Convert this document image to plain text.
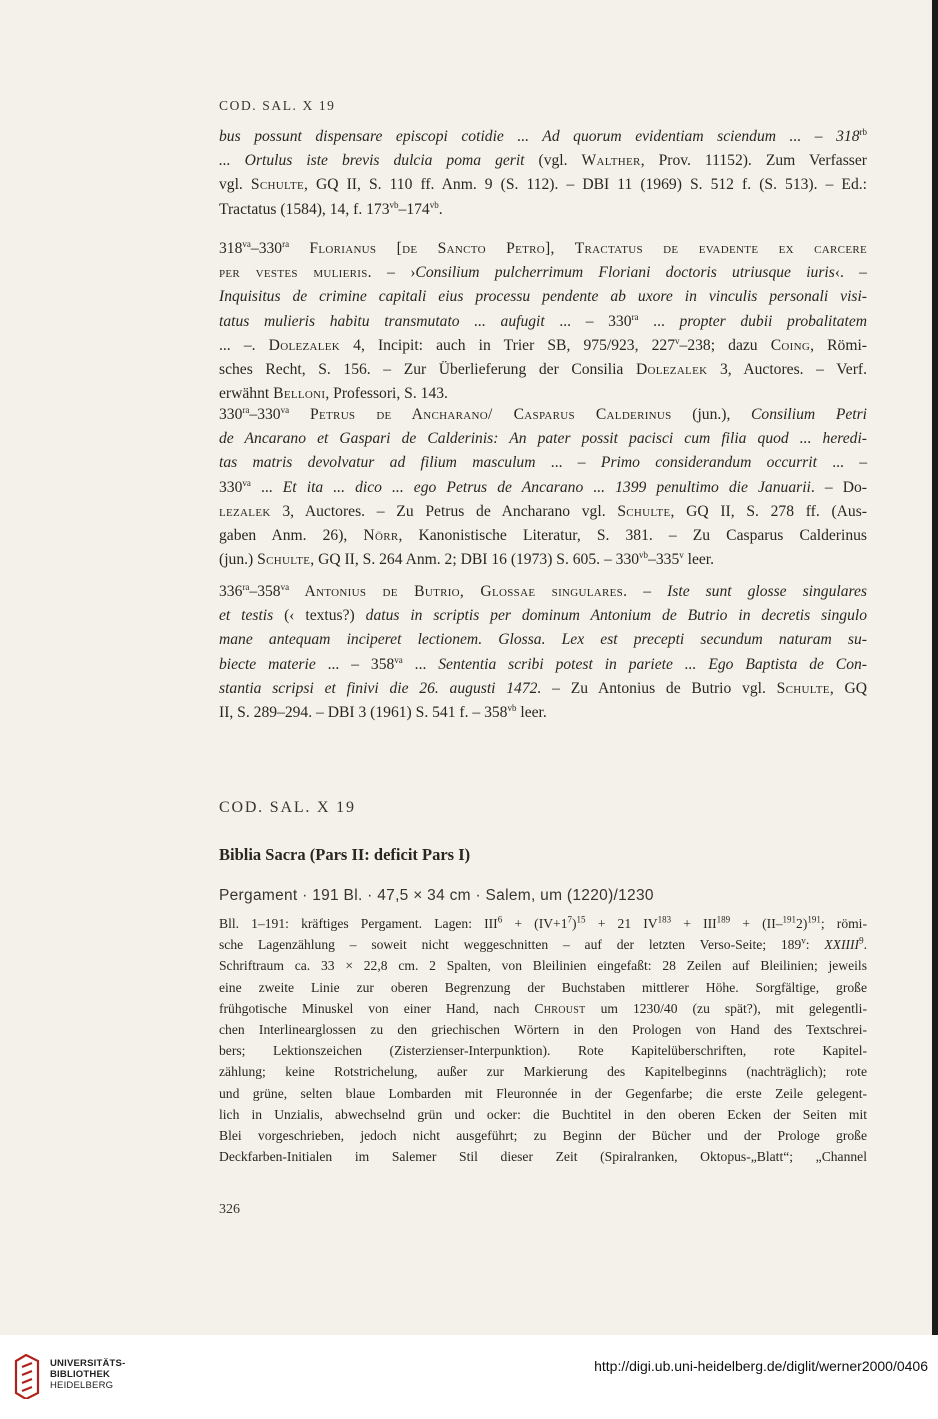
COD. SAL. X 19
bus possunt dispensare episcopi cotidie ... Ad quorum evidentiam sciendum ... – $318^{rb}$
... Ortulus iste brevis dulcia poma gerit (vgl. Walther, Prov. 11152). Zum Verfasser
vgl. Schulte, GQ II, S. 110 ff. Anm. 9 (S. 112). – DBI 11 (1969) S. 512 f. (S. 513). – Ed.:
Tractatus (1584), 14, f. $173^{vb}-174^{vb}$.
$318^{va}-330^{ra}$ Florianus [de Sancto Petro], Tractatus de evadente ex carcere
per vestes mulieris. – ›Consilium pulcherrimum Floriani doctoris utriusque iuris‹. –
Inquisitus de crimine capitali eius processu pendente ab uxore in vinculis personali visi-
tatus mulieris habitu transmutato ... aufugit ... – $330^{ra}$ ... propter dubii probalitatem
... –. Dolezalek 4, Incipit: auch in Trier SB, 975/923, 227$^v$–238; dazu Coing, Römi-
sches Recht, S. 156. – Zur Überlieferung der Consilia Dolezalek 3, Auctores. – Verf.
erwähnt Belloni, Professori, S. 143.
$330^{ra}-330^{va}$ Petrus de Ancharano/ Casparus Calderinus (jun.), Consilium Petri
de Ancarano et Gaspari de Calderinis: An pater possit pacisci cum filia quod ... heredi-
tas matris devolvatur ad filium masculum ... – Primo considerandum occurrit ... –
$330^{va}$ ... Et ita ... dico ... ego Petrus de Ancarano ... 1399 penultimo die Januarii. – Do-
lezalek 3, Auctores. – Zu Petrus de Ancharano vgl. Schulte, GQ II, S. 278 ff. (Aus-
gaben Anm. 26), Nörr, Kanonistische Literatur, S. 381. – Zu Casparus Calderinus
(jun.) Schulte, GQ II, S. 264 Anm. 2; DBI 16 (1973) S. 605. – $330^{vb}-335^v$ leer.
$336^{ra}-358^{va}$ Antonius de Butrio, Glossae singulares. – Iste sunt glosse singulares
et testis (‹ textus?) datus in scriptis per dominum Antonium de Butrio in decretis singulo
mane antequam inciperet lectionem. Glossa. Lex est precepti secundum naturam su-
biecte materie ... – $358^{va}$ ... Sententia scribi potest in pariete ... Ego Baptista de Con-
stantia scripsi et finivi die 26. augusti 1472. – Zu Antonius de Butrio vgl. Schulte, GQ
II, S. 289–294. – DBI 3 (1961) S. 541 f. – $358^{vb}$ leer.
COD. SAL. X 19
Biblia Sacra (Pars II: deficit Pars I)
Pergament · 191 Bl. · 47,5 × 34 cm · Salem, um (1220)/1230
Bll. 1–191: kräftiges Pergament. Lagen: $III^6 + (IV+1^7)^{15} + 21$ $IV^{183} + III^{189} + (II-^{191}2)^{191}$; römi-
sche Lagenzählung – soweit nicht weggeschnitten – auf der letzten Verso-Seite; 189$^v$: XXIIII$^9$.
Schriftraum ca. 33 × 22,8 cm. 2 Spalten, von Bleilinien eingefaßt: 28 Zeilen auf Bleilinien; jeweils
eine zweite Linie zur oberen Begrenzung der Buchstaben mittlerer Höhe. Sorgfältige, große
frühgotische Minuskel von einer Hand, nach Chroust um 1230/40 (zu spät?), mit gelegentli-
chen Interlinearglossen zu den griechischen Wörtern in den Prologen von Hand des Textschrei-
bers; Lektionszeichen (Zisterzienser-Interpunktion). Rote Kapitelüberschriften, rote Kapitel-
zählung; keine Rotstrichelung, außer zur Markierung des Kapitelbeginns (nachträglich); rote
und grüne, selten blaue Lombarden mit Fleuronnée in der Gegenfarbe; die erste Zeile gelegent-
lich in Unzialis, abwechselnd grün und ocker: die Buchtitel in den oberen Ecken der Seiten mit
Blei vorgeschrieben, jedoch nicht ausgeführt; zu Beginn der Bücher und der Prologe große
Deckfarben-Initialen im Salemer Stil dieser Zeit (Spiralranken, Oktopus-„Blatt“; „Channel
326
UNIVERSITÄTS-
BIBLIOTHEK
HEIDELBERG
http://digi.ub.uni-heidelberg.de/diglit/werner2000/0406
